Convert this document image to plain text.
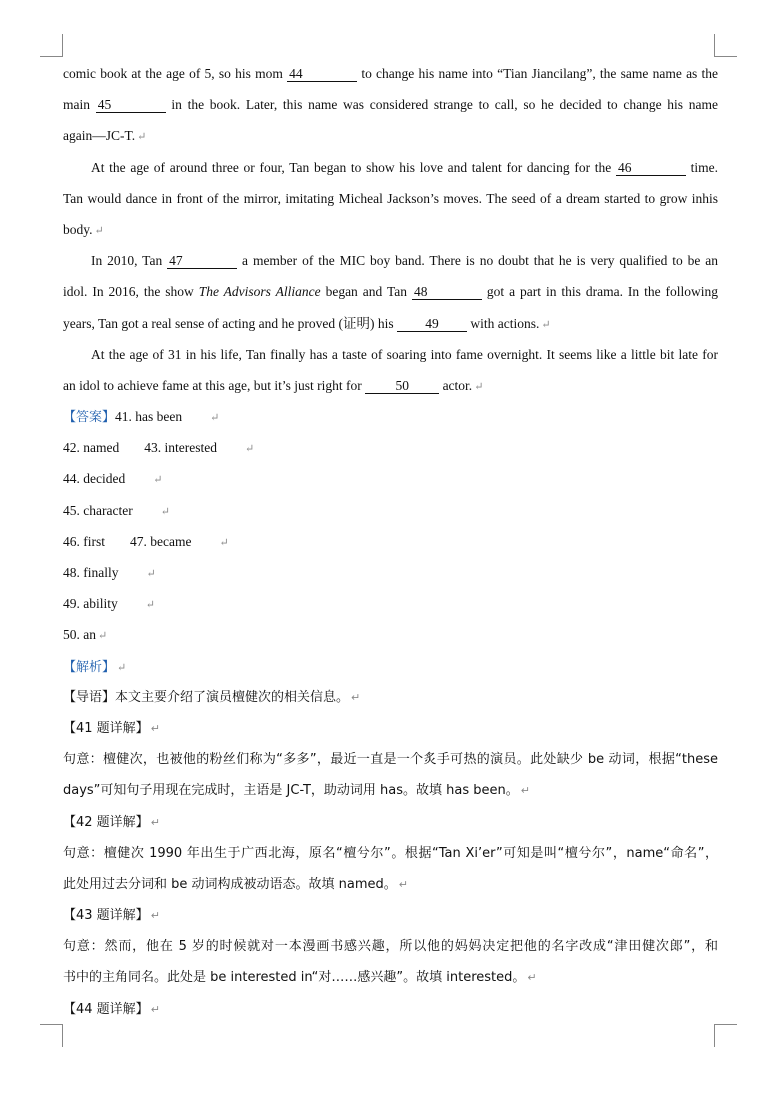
comic book at the age of 5, so his mom 44	to change his name into “Tian Jiancilang”, the same name as the
main 45	in the book. Later, this name was considered strange to call, so he decided to change his name
again—JC-T. ↵
At the age of around three or four, Tan began to show his love and talent for dancing for the 46	time.
Tan would dance in front of the mirror, imitating Micheal Jackson’s moves. The seed of a dream started to grow inhis
body. ↵
In 2010, Tan 47	a member of the MIC boy band. There is no doubt that he is very qualified to be an
idol. In 2016, the show The Advisors Alliance began and Tan 48	got a part in this drama. In the following
years, Tan got a real sense of acting and he proved (证明) his 49 with actions. ↵
At the age of 31 in his life, Tan finally has a taste of soaring into fame overnight. It seems like a little bit late for
an idol to achieve fame at this age, but it’s just right for 50 actor. ↵
【答案】41. has been	↵
42. named 43. interested	↵
44. decided	↵
45. character	↵
46. first 47. became	↵
48. finally	↵
49. ability	↵
50. an ↵
【解析】 ↵
【导语】本文主要介绍了演员檀健次的相关信息。 ↵
【41 题详解】 ↵
句意：檀健次，也被他的粉丝们称为“多多”，最近一直是一个炙手可热的演员。此处缺少 be 动词，根据“these
days”可知句子用现在完成时，主语是 JC-T，助动词用 has。故填 has been。 ↵
【42 题详解】 ↵
句意：檀健次 1990 年出生于广西北海，原名“檀兮尔”。根据“Tan Xi’er”可知是叫“檀兮尔”，name“命名”，
此处用过去分词和 be 动词构成被动语态。故填 named。 ↵
【43 题详解】 ↵
句意：然而，他在 5 岁的时候就对一本漫画书感兴趣，所以他的妈妈决定把他的名字改成“津田健次郎”，和
书中的主角同名。此处是 be interested in“对……感兴趣”。故填 interested。 ↵
【44 题详解】 ↵
